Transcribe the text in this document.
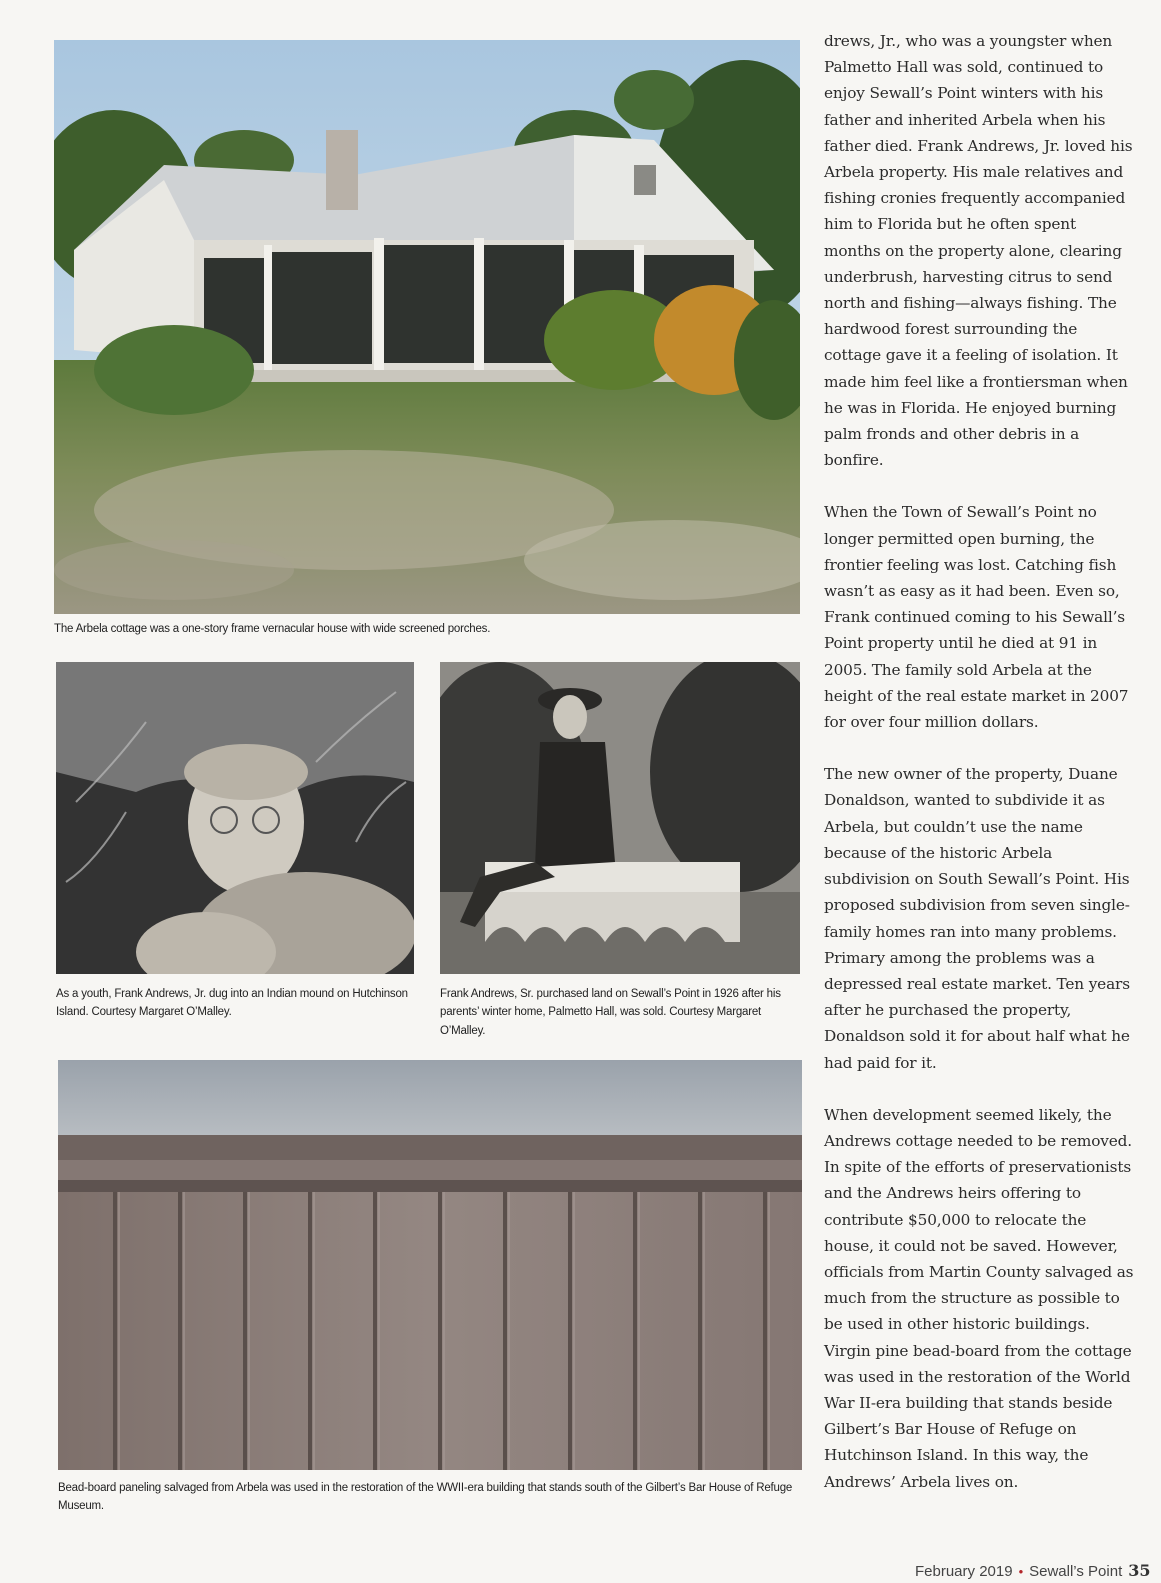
The Arbela cottage was a one-story frame vernacular house with wide screened porches.
As a youth, Frank Andrews, Jr. dug into an Indian mound on Hutchinson Island. Courtesy Margaret O’Malley.
Frank Andrews, Sr. purchased land on Sewall’s Point in 1926 after his parents’ winter home, Palmetto Hall, was sold. Courtesy Margaret O’Malley.
Bead-board paneling salvaged from Arbela was used in the restoration of the WWII-era building that stands south of the Gilbert’s Bar House of Refuge Museum.

drews, Jr., who was a youngster when Palmetto Hall was sold, continued to enjoy Sewall’s Point winters with his father and inherited Arbela when his father died. Frank Andrews, Jr. loved his Arbela property. His male relatives and fishing cronies frequently accompanied him to Florida but he often spent months on the property alone, clearing underbrush, harvesting citrus to send north and fishing—always fishing. The hardwood forest surrounding the cottage gave it a feeling of isolation. It made him feel like a frontiersman when he was in Florida. He enjoyed burning palm fronds and other debris in a bonfire.

When the Town of Sewall’s Point no longer permitted open burning, the frontier feeling was lost. Catching fish wasn’t as easy as it had been. Even so, Frank continued coming to his Sewall’s Point property until he died at 91 in 2005. The family sold Arbela at the height of the real estate market in 2007 for over four million dollars.

The new owner of the property, Duane Donaldson, wanted to subdivide it as Arbela, but couldn’t use the name because of the historic Arbela subdivision on South Sewall’s Point. His proposed subdivision from seven single-family homes ran into many problems. Primary among the problems was a depressed real estate market. Ten years after he purchased the property, Donaldson sold it for about half what he had paid for it.

When development seemed likely, the Andrews cottage needed to be removed. In spite of the efforts of preservationists and the Andrews heirs offering to contribute $50,000 to relocate the house, it could not be saved. However, officials from Martin County salvaged as much from the structure as possible to be used in other historic buildings. Virgin pine bead-board from the cottage was used in the restoration of the World War II-era building that stands beside Gilbert’s Bar House of Refuge on Hutchinson Island. In this way, the Andrews’ Arbela lives on.

February 2019 • Sewall’s Point 35
